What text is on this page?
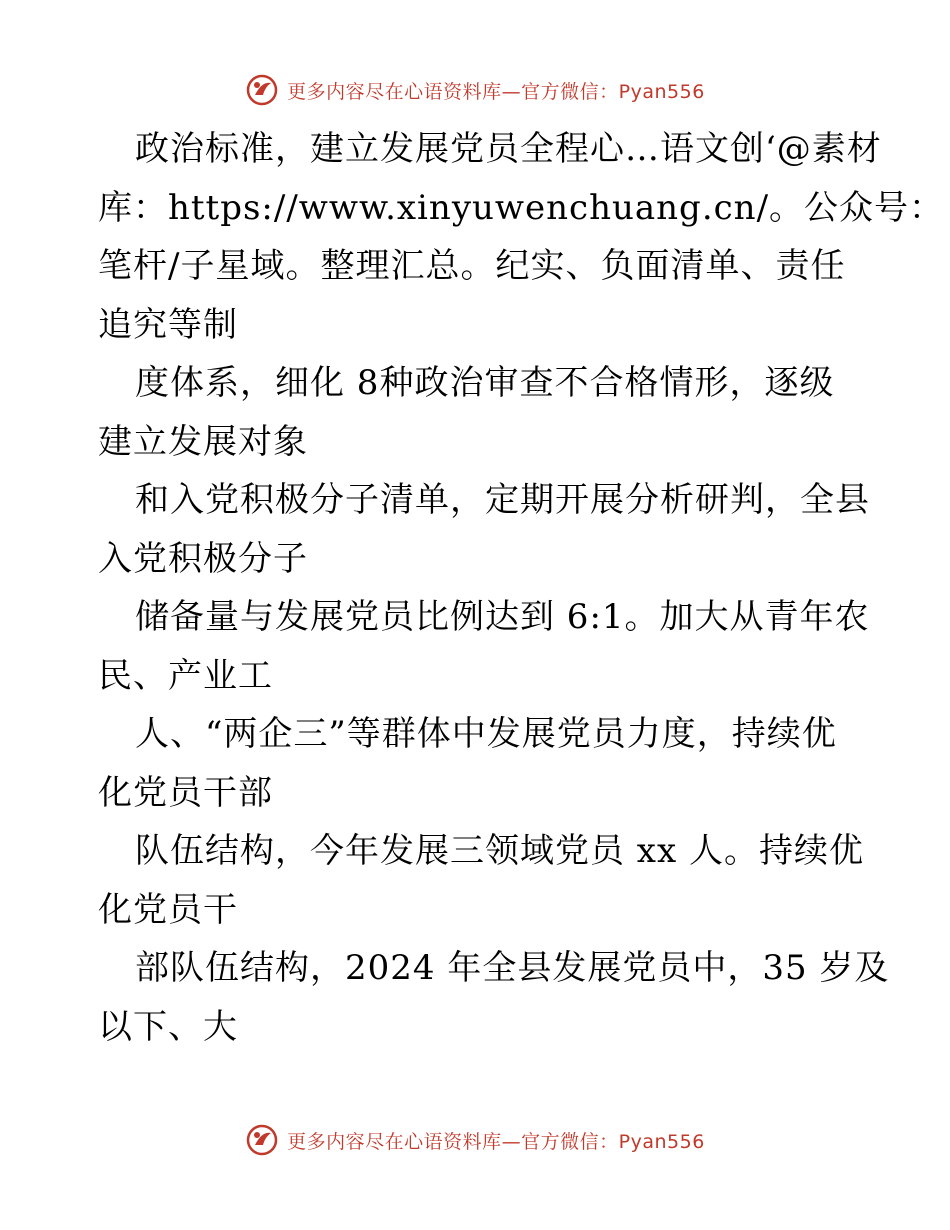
更多内容尽在心语资料库—官方微信：Pyan556
政治标准，建立发展党员全程心…语文创‘@素材
库：https://www.xinyuwenchuang.cn/。公众号：
笔杆/子星域。整理汇总。纪实、负面清单、责任
追究等制
度体系，细化 8种政治审查不合格情形，逐级
建立发展对象
和入党积极分子清单，定期开展分析研判，全县
入党积极分子
储备量与发展党员比例达到 6:1。加大从青年农
民、产业工
人、“两企三”等群体中发展党员力度，持续优
化党员干部
队伍结构，今年发展三领域党员 xx 人。持续优
化党员干
部队伍结构，2024 年全县发展党员中，35 岁及
以下、大
更多内容尽在心语资料库—官方微信：Pyan556
